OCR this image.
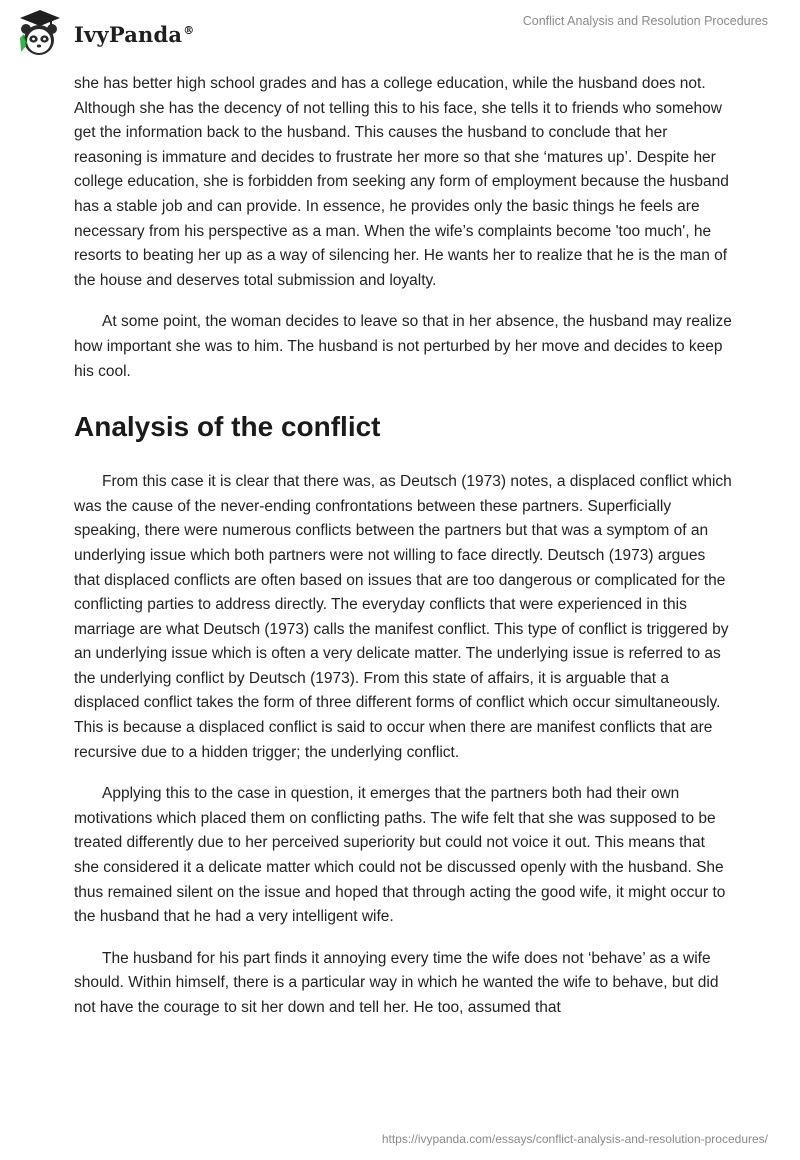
IvyPanda®
Conflict Analysis and Resolution Procedures

she has better high school grades and has a college education, while the husband does not. Although she has the decency of not telling this to his face, she tells it to friends who somehow get the information back to the husband. This causes the husband to conclude that her reasoning is immature and decides to frustrate her more so that she ‘matures up’. Despite her college education, she is forbidden from seeking any form of employment because the husband has a stable job and can provide. In essence, he provides only the basic things he feels are necessary from his perspective as a man. When the wife’s complaints become 'too much', he resorts to beating her up as a way of silencing her. He wants her to realize that he is the man of the house and deserves total submission and loyalty.

At some point, the woman decides to leave so that in her absence, the husband may realize how important she was to him. The husband is not perturbed by her move and decides to keep his cool.

Analysis of the conflict

From this case it is clear that there was, as Deutsch (1973) notes, a displaced conflict which was the cause of the never-ending confrontations between these partners. Superficially speaking, there were numerous conflicts between the partners but that was a symptom of an underlying issue which both partners were not willing to face directly. Deutsch (1973) argues that displaced conflicts are often based on issues that are too dangerous or complicated for the conflicting parties to address directly. The everyday conflicts that were experienced in this marriage are what Deutsch (1973) calls the manifest conflict. This type of conflict is triggered by an underlying issue which is often a very delicate matter. The underlying issue is referred to as the underlying conflict by Deutsch (1973). From this state of affairs, it is arguable that a displaced conflict takes the form of three different forms of conflict which occur simultaneously. This is because a displaced conflict is said to occur when there are manifest conflicts that are recursive due to a hidden trigger; the underlying conflict.

Applying this to the case in question, it emerges that the partners both had their own motivations which placed them on conflicting paths. The wife felt that she was supposed to be treated differently due to her perceived superiority but could not voice it out. This means that she considered it a delicate matter which could not be discussed openly with the husband. She thus remained silent on the issue and hoped that through acting the good wife, it might occur to the husband that he had a very intelligent wife.

The husband for his part finds it annoying every time the wife does not ‘behave’ as a wife should. Within himself, there is a particular way in which he wanted the wife to behave, but did not have the courage to sit her down and tell her. He too, assumed that

https://ivypanda.com/essays/conflict-analysis-and-resolution-procedures/
